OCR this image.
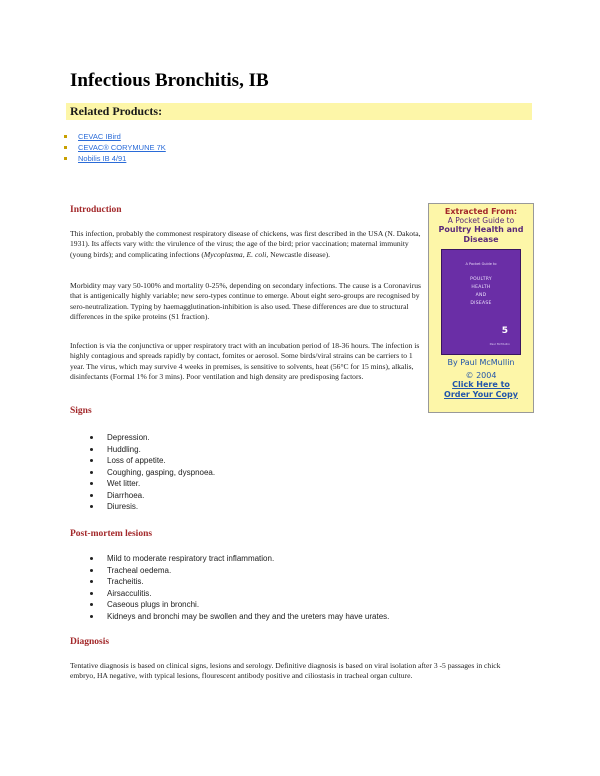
Infectious Bronchitis, IB
Related Products:
CEVAC IBird
CEVAC® CORYMUNE 7K
Nobilis IB 4/91
Introduction

This infection, probably the commonest respiratory disease of chickens, was first described in the USA (N. Dakota, 1931). Its affects vary with: the virulence of the virus; the age of the bird; prior vaccination; maternal immunity (young birds); and complicating infections (Mycoplasma, E. coli, Newcastle disease).

Morbidity may vary 50-100% and mortality 0-25%, depending on secondary infections. The cause is a Coronavirus that is antigenically highly variable; new sero-types continue to emerge. About eight sero-groups are recognised by sero-neutralization. Typing by haemagglutination-inhibition is also used. These differences are due to structural differences in the spike proteins (S1 fraction).

Infection is via the conjunctiva or upper respiratory tract with an incubation period of 18-36 hours. The infection is highly contagious and spreads rapidly by contact, fomites or aerosol. Some birds/viral strains can be carriers to 1 year. The virus, which may survive 4 weeks in premises, is sensitive to solvents, heat (56°C for 15 mins), alkalis, disinfectants (Formal 1% for 3 mins). Poor ventilation and high density are predisposing factors.

Signs
Depression.
Huddling.
Loss of appetite.
Coughing, gasping, dyspnoea.
Wet litter.
Diarrhoea.
Diuresis.
Post-mortem lesions
Mild to moderate respiratory tract inflammation.
Tracheal oedema.
Tracheitis.
Airsacculitis.
Caseous plugs in bronchi.
Kidneys and bronchi may be swollen and they and the ureters may have urates.
Diagnosis

Tentative diagnosis is based on clinical signs, lesions and serology. Definitive diagnosis is based on viral isolation after 3 -5 passages in chick embryo, HA negative, with typical lesions, flourescent antibody positive and ciliostasis in tracheal organ culture.

Extracted From:
A Pocket Guide to
Poultry Health and Disease
A Pocket Guide to
POULTRY
HEALTH
AND
DISEASE
5
Paul McMullin
By Paul McMullin
© 2004
Click Here to
Order Your Copy
